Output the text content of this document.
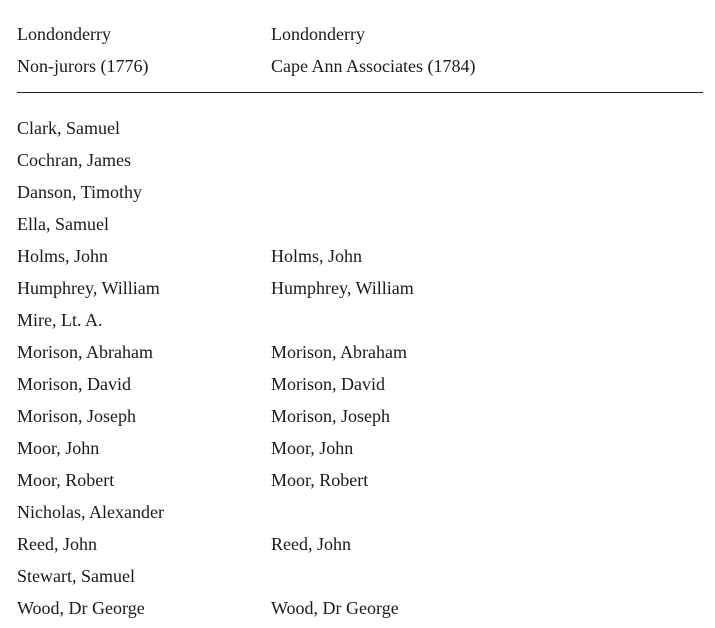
Londonderry	Londonderry
Non-jurors (1776)	Cape Ann Associates (1784)
Clark, Samuel
Cochran, James
Danson, Timothy
Ella, Samuel
Holms, John	Holms, John
Humphrey, William	Humphrey, William
Mire, Lt. A.
Morison, Abraham	Morison, Abraham
Morison, David	Morison, David
Morison, Joseph	Morison, Joseph
Moor, John	Moor, John
Moor, Robert	Moor, Robert
Nicholas, Alexander
Reed, John	Reed, John
Stewart, Samuel
Wood, Dr George	Wood, Dr George
